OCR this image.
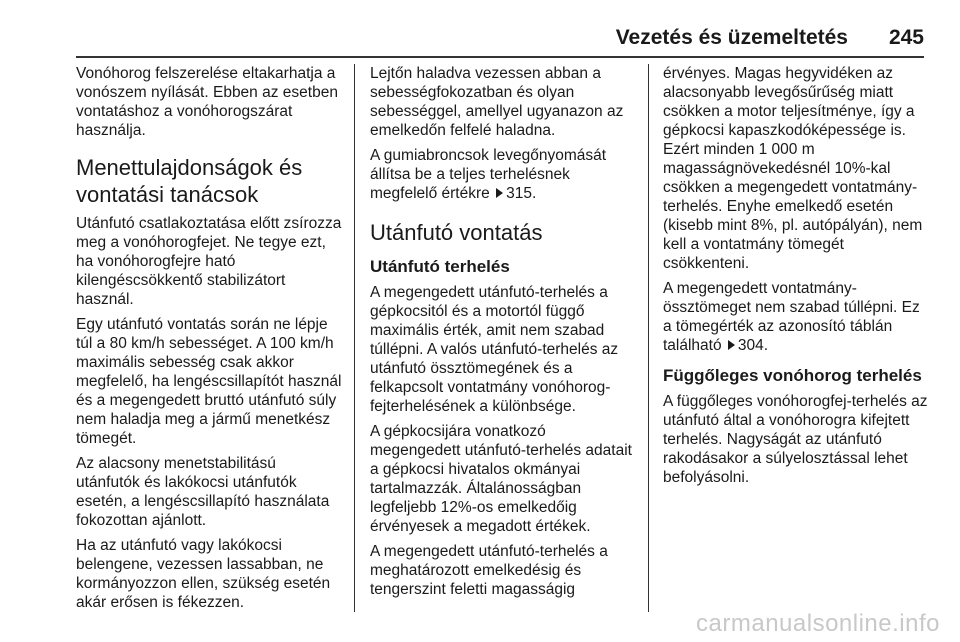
Vezetés és üzemeltetés 245

Vonóhorog felszerelése eltakarhatja a vonószem nyílását. Ebben az esetben vontatáshoz a vonóhorogszárat használja.

Menettulajdonságok és vontatási tanácsok

Utánfutó csatlakoztatása előtt zsírozza meg a vonóhorogfejet. Ne tegye ezt, ha vonóhorogfejre ható kilengéscsökkentő stabilizátort használ.

Egy utánfutó vontatás során ne lépje túl a 80 km/h sebességet. A 100 km/h maximális sebesség csak akkor megfelelő, ha lengéscsillapítót használ és a megengedett bruttó utánfutó súly nem haladja meg a jármű menetkész tömegét.

Az alacsony menetstabilitású utánfutók és lakókocsi utánfutók esetén, a lengéscsillapító használata fokozottan ajánlott.

Ha az utánfutó vagy lakókocsi belengene, vezessen lassabban, ne kormányozzon ellen, szükség esetén akár erősen is fékezzen.

Lejtőn haladva vezessen abban a sebességfokozatban és olyan sebességgel, amellyel ugyanazon az emelkedőn felfelé haladna.

A gumiabroncsok levegőnyomását állítsa be a teljes terhelésnek megfelelő értékre 315.

Utánfutó vontatás
Utánfutó terhelés

A megengedett utánfutó-terhelés a gépkocsitól és a motortól függő maximális érték, amit nem szabad túllépni. A valós utánfutó-terhelés az utánfutó össztömegének és a felkapcsolt vontatmány vonóhorog-fejterhelésének a különbsége.

A gépkocsijára vonatkozó megengedett utánfutó-terhelés adatait a gépkocsi hivatalos okmányai tartalmazzák. Általánosságban legfeljebb 12%-os emelkedőig érvényesek a megadott értékek.

A megengedett utánfutó-terhelés a meghatározott emelkedésig és tengerszint feletti magasságig

érvényes. Magas hegyvidéken az alacsonyabb levegősűrűség miatt csökken a motor teljesítménye, így a gépkocsi kapaszkodóképessége is. Ezért minden 1 000 m magasságnövekedésnél 10%-kal csökken a megengedett vontatmány-terhelés. Enyhe emelkedő esetén (kisebb mint 8%, pl. autópályán), nem kell a vontatmány tömegét csökkenteni.

A megengedett vontatmány-össztömeget nem szabad túllépni. Ez a tömegérték az azonosító táblán található 304.

Függőleges vonóhorog terhelés

A függőleges vonóhorogfej-terhelés az utánfutó által a vonóhorogra kifejtett terhelés. Nagyságát az utánfutó rakodásakor a súlyelosztással lehet befolyásolni.

carmanualsonline.info
